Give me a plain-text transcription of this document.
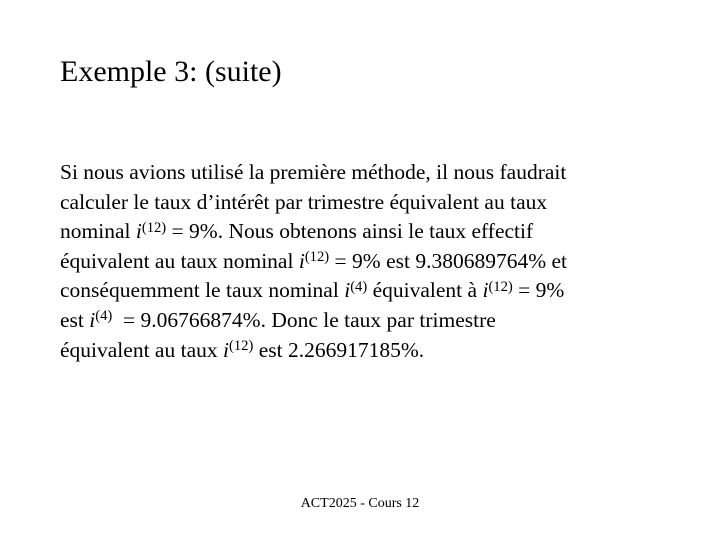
Exemple 3: (suite)
Si nous avions utilisé la première méthode, il nous faudrait
calculer le taux d’intérêt par trimestre équivalent au taux
nominal $i^{(12)} = 9\%$. Nous obtenons ainsi le taux effectif
équivalent au taux nominal $i^{(12)} = 9\%$ est 9.380689764% et
conséquemment le taux nominal $i^{(4)}$ équivalent à $i^{(12)} = 9\%$
est $i^{(4)} = 9.06766874\%$. Donc le taux par trimestre
équivalent au taux $i^{(12)}$ est 2.266917185%.
ACT2025 - Cours 12
